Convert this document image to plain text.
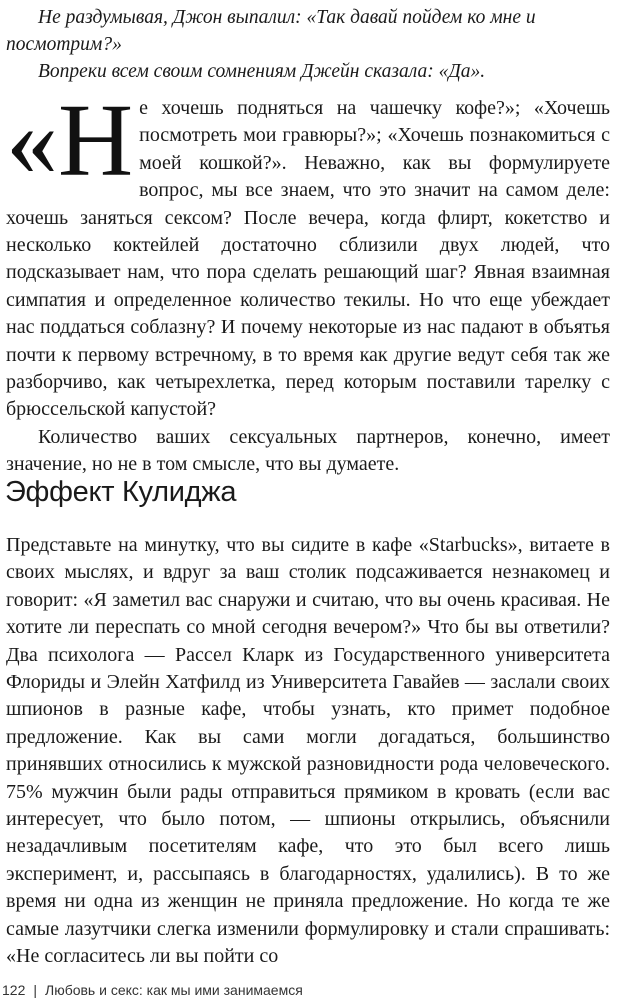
Не раздумывая, Джон выпалил: «Так давай пойдем ко мне и посмотрим?»

Вопреки всем своим сомнениям Джейн сказала: «Да».

«Не хочешь подняться на чашечку кофе?»; «Хочешь посмотреть мои гравюры?»; «Хочешь познакомиться с моей кошкой?». Неважно, как вы формулируете вопрос, мы все знаем, что это значит на самом деле: хочешь заняться сексом? После вечера, когда флирт, кокетство и несколько коктейлей достаточно сблизили двух людей, что подсказывает нам, что пора сделать решающий шаг? Явная взаимная симпатия и определенное количество текилы. Но что еще убеждает нас поддаться соблазну? И почему некоторые из нас падают в объятья почти к первому встречному, в то время как другие ведут себя так же разборчиво, как четырехлетка, перед которым поставили тарелку с брюссельской капустой?

Количество ваших сексуальных партнеров, конечно, имеет значение, но не в том смысле, что вы думаете.

Эффект Кулиджа

Представьте на минутку, что вы сидите в кафе «Starbucks», витаете в своих мыслях, и вдруг за ваш столик подсаживается незнакомец и говорит: «Я заметил вас снаружи и считаю, что вы очень красивая. Не хотите ли переспать со мной сегодня вечером?» Что бы вы ответили? Два психолога — Рассел Кларк из Государственного университета Флориды и Элейн Хатфилд из Университета Гавайев — заслали своих шпионов в разные кафе, чтобы узнать, кто примет подобное предложение. Как вы сами могли догадаться, большинство принявших относились к мужской разновидности рода человеческого. 75% мужчин были рады отправиться прямиком в кровать (если вас интересует, что было потом, — шпионы открылись, объяснили незадачливым посетителям кафе, что это был всего лишь эксперимент, и, рассыпаясь в благодарностях, удалились). В то же время ни одна из женщин не приняла предложение. Но когда те же самые лазутчики слегка изменили формулировку и стали спрашивать: «Не согласитесь ли вы пойти со

122 | Любовь и секс: как мы ими занимаемся
